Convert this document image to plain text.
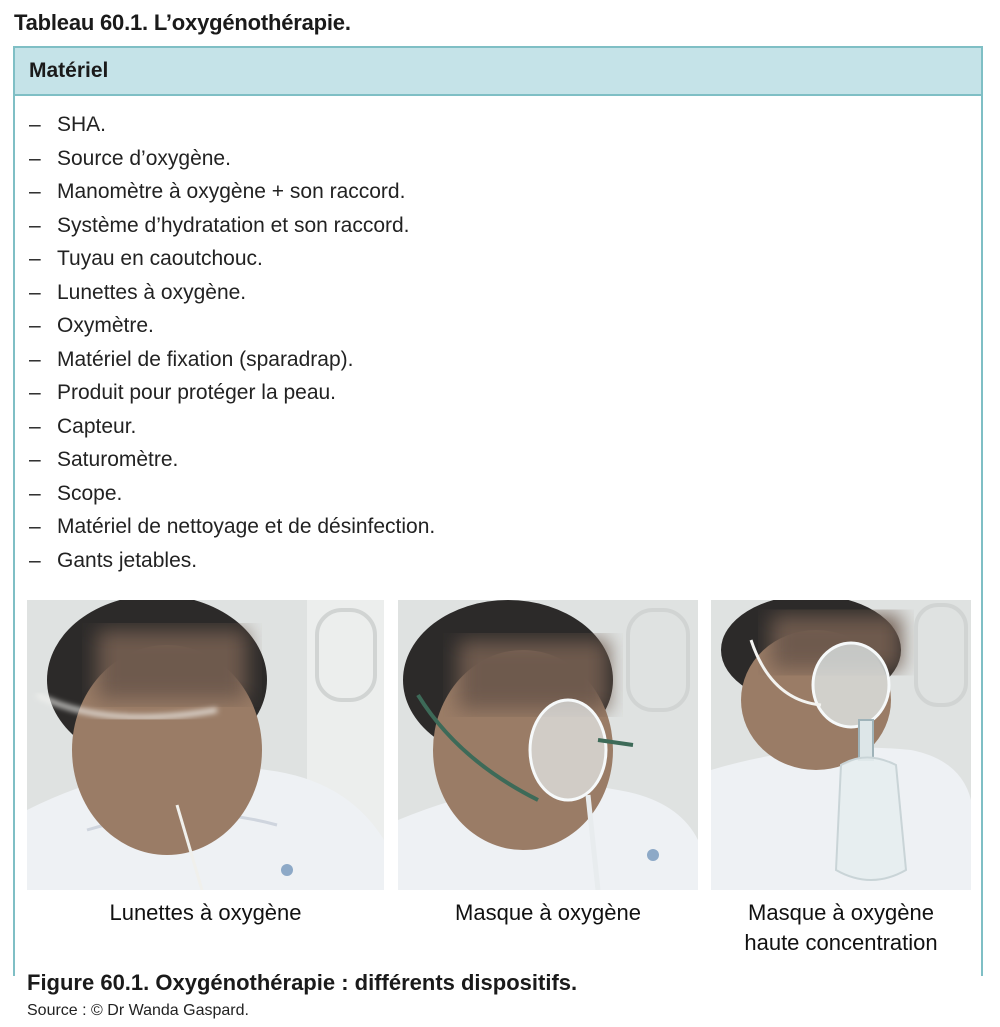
Tableau 60.1. L’oxygénothérapie.
Matériel
– SHA.
– Source d’oxygène.
– Manomètre à oxygène + son raccord.
– Système d’hydratation et son raccord.
– Tuyau en caoutchouc.
– Lunettes à oxygène.
– Oxymètre.
– Matériel de fixation (sparadrap).
– Produit pour protéger la peau.
– Capteur.
– Saturomètre.
– Scope.
– Matériel de nettoyage et de désinfection.
– Gants jetables.
Lunettes à oxygène	Masque à oxygène	Masque à oxygène
haute concentration
Figure 60.1. Oxygénothérapie : différents dispositifs.
Source : © Dr Wanda Gaspard.
